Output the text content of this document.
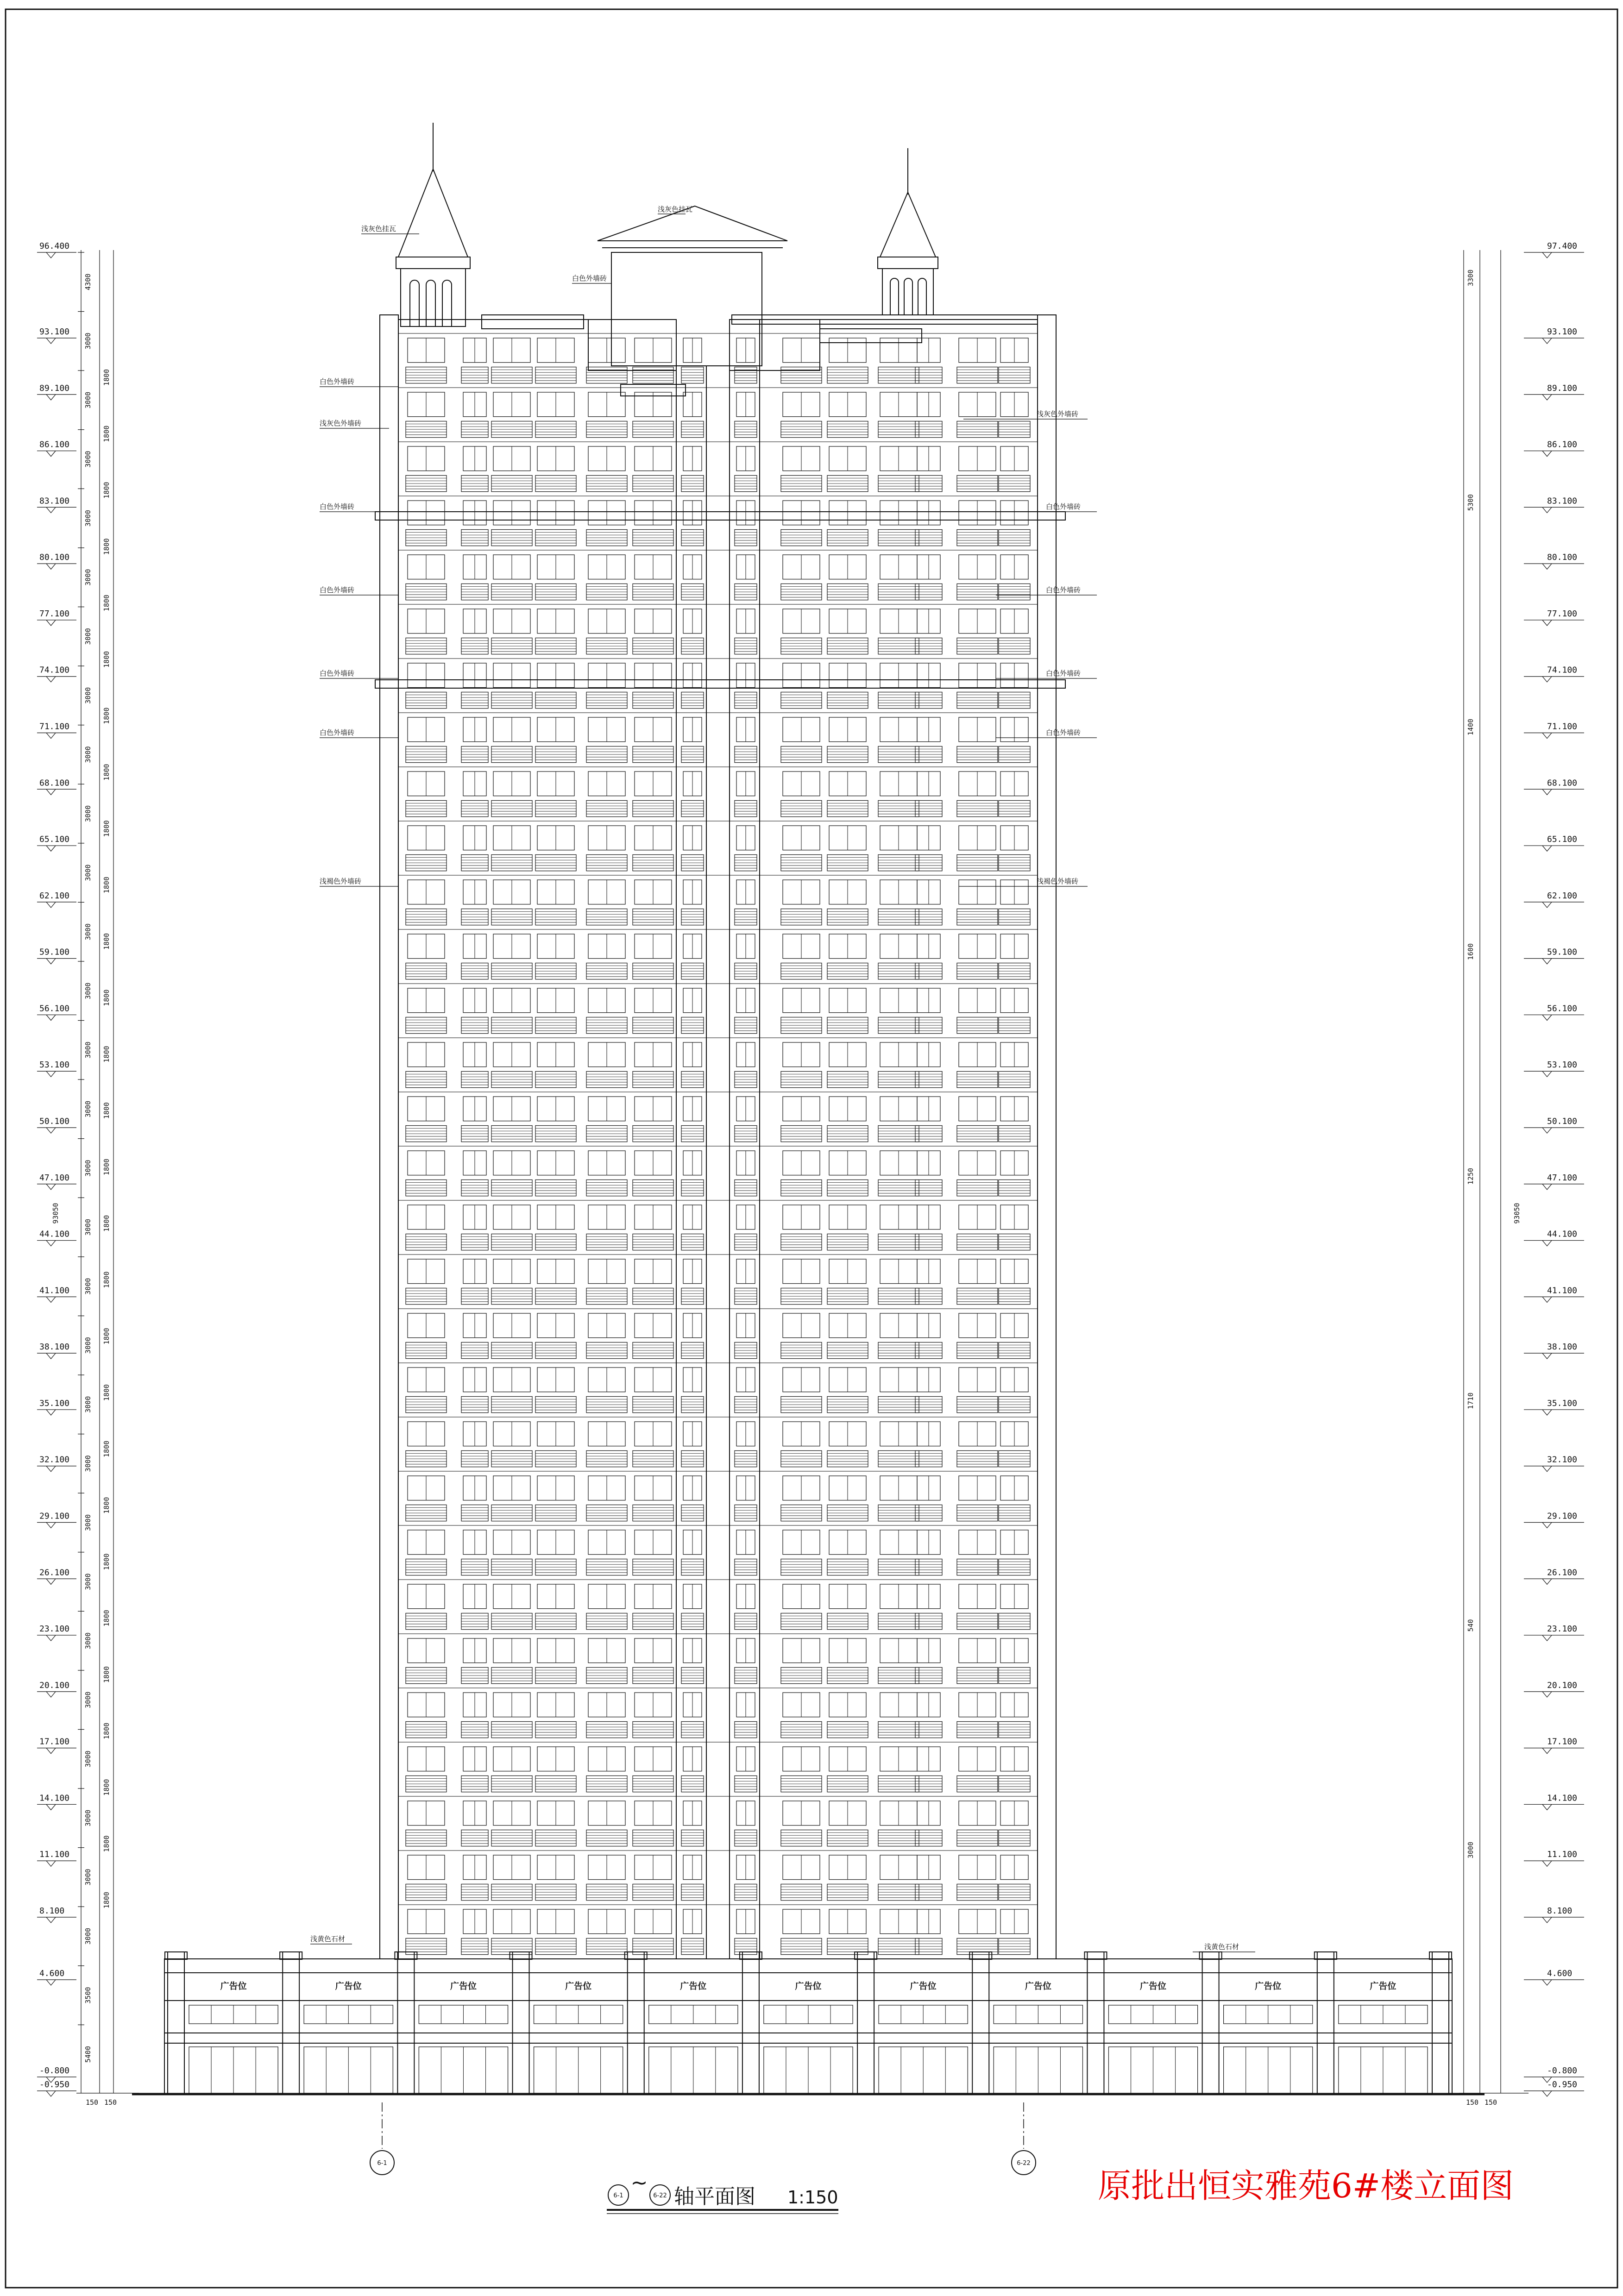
96.400
93.100
89.100
86.100
83.100
80.100
77.100
74.100
71.100
68.100
65.100
62.100
59.100
56.100
53.100
50.100
47.100
44.100
41.100
38.100
35.100
32.100
29.100
26.100
23.100
20.100
17.100
14.100
11.100
8.100
4.600
-0.800
-0.950
97.400
93.100
89.100
86.100
83.100
80.100
77.100
74.100
71.100
68.100
65.100
62.100
59.100
56.100
53.100
50.100
47.100
44.100
41.100
38.100
35.100
32.100
29.100
26.100
23.100
20.100
17.100
14.100
11.100
8.100
4.600
-0.800
-0.950
4300
3000
3000
3000
3000
3000
3000
3000
3000
3000
3000
3000
3000
3000
3000
3000
3000
3000
3000
3000
3000
3000
3000
3000
3000
3000
3000
3000
3000
3500
5400
1800
1800
1800
1800
1800
1800
1800
1800
1800
1800
1800
1800
1800
1800
1800
1800
1800
1800
1800
1800
1800
1800
1800
1800
1800
1800
1800
1800
93050
150 150
3300
5300
1400
1600
1250
1710
540
3000
93050
150 150
广告位	广告位	广告位	广告位	广告位	广告位	广告位	广告位	广告位	广告位	广告位
浅灰色挂瓦
白色外墙砖
白色外墙砖
浅灰色外墙砖
白色外墙砖
白色外墙砖
白色外墙砖
白色外墙砖
浅褐色外墙砖
浅黄色石材
浅灰色挂瓦
浅灰色外墙砖
白色外墙砖
白色外墙砖
白色外墙砖
白色外墙砖
浅褐色外墙砖
浅黄色石材
6-1	6-22
6-1
~
6-22 轴平面图 1:150	原批出恒实雅苑6#楼立面图
